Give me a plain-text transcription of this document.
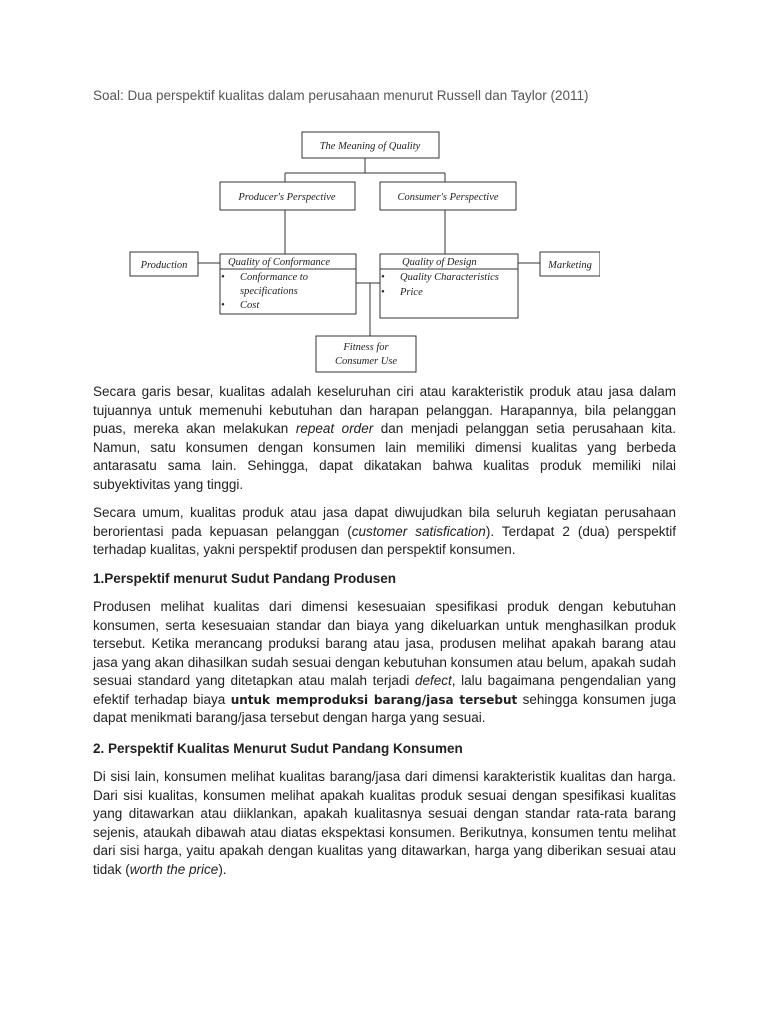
Soal: Dua perspektif kualitas dalam perusahaan menurut Russell dan Taylor (2011)
The Meaning of Quality
Producer's Perspective	Consumer's Perspective
Production	Marketing
Quality of Conformance
• Conformance to
specifications
• Cost
Quality of Design
• Quality Characteristics
• Price
Fitness for
Consumer Use

Secara garis besar, kualitas adalah keseluruhan ciri atau karakteristik produk atau jasa dalam tujuannya untuk memenuhi kebutuhan dan harapan pelanggan. Harapannya, bila pelanggan puas, mereka akan melakukan repeat order dan menjadi pelanggan setia perusahaan kita. Namun, satu konsumen dengan konsumen lain memiliki dimensi kualitas yang berbeda antarasatu sama lain. Sehingga, dapat dikatakan bahwa kualitas produk memiliki nilai subyektivitas yang tinggi.

Secara umum, kualitas produk atau jasa dapat diwujudkan bila seluruh kegiatan perusahaan berorientasi pada kepuasan pelanggan (customer satisfication). Terdapat 2 (dua) perspektif terhadap kualitas, yakni perspektif produsen dan perspektif konsumen.

1.Perspektif menurut Sudut Pandang Produsen

Produsen melihat kualitas dari dimensi kesesuaian spesifikasi produk dengan kebutuhan konsumen, serta kesesuaian standar dan biaya yang dikeluarkan untuk menghasilkan produk tersebut. Ketika merancang produksi barang atau jasa, produsen melihat apakah barang atau jasa yang akan dihasilkan sudah sesuai dengan kebutuhan konsumen atau belum, apakah sudah sesuai standard yang ditetapkan atau malah terjadi defect, lalu bagaimana pengendalian yang efektif terhadap biaya untuk memproduksi barang/jasa tersebut sehingga konsumen juga dapat menikmati barang/jasa tersebut dengan harga yang sesuai.

2. Perspektif Kualitas Menurut Sudut Pandang Konsumen

Di sisi lain, konsumen melihat kualitas barang/jasa dari dimensi karakteristik kualitas dan harga. Dari sisi kualitas, konsumen melihat apakah kualitas produk sesuai dengan spesifikasi kualitas yang ditawarkan atau diiklankan, apakah kualitasnya sesuai dengan standar rata-rata barang sejenis, ataukah dibawah atau diatas ekspektasi konsumen. Berikutnya, konsumen tentu melihat dari sisi harga, yaitu apakah dengan kualitas yang ditawarkan, harga yang diberikan sesuai atau tidak (worth the price).
